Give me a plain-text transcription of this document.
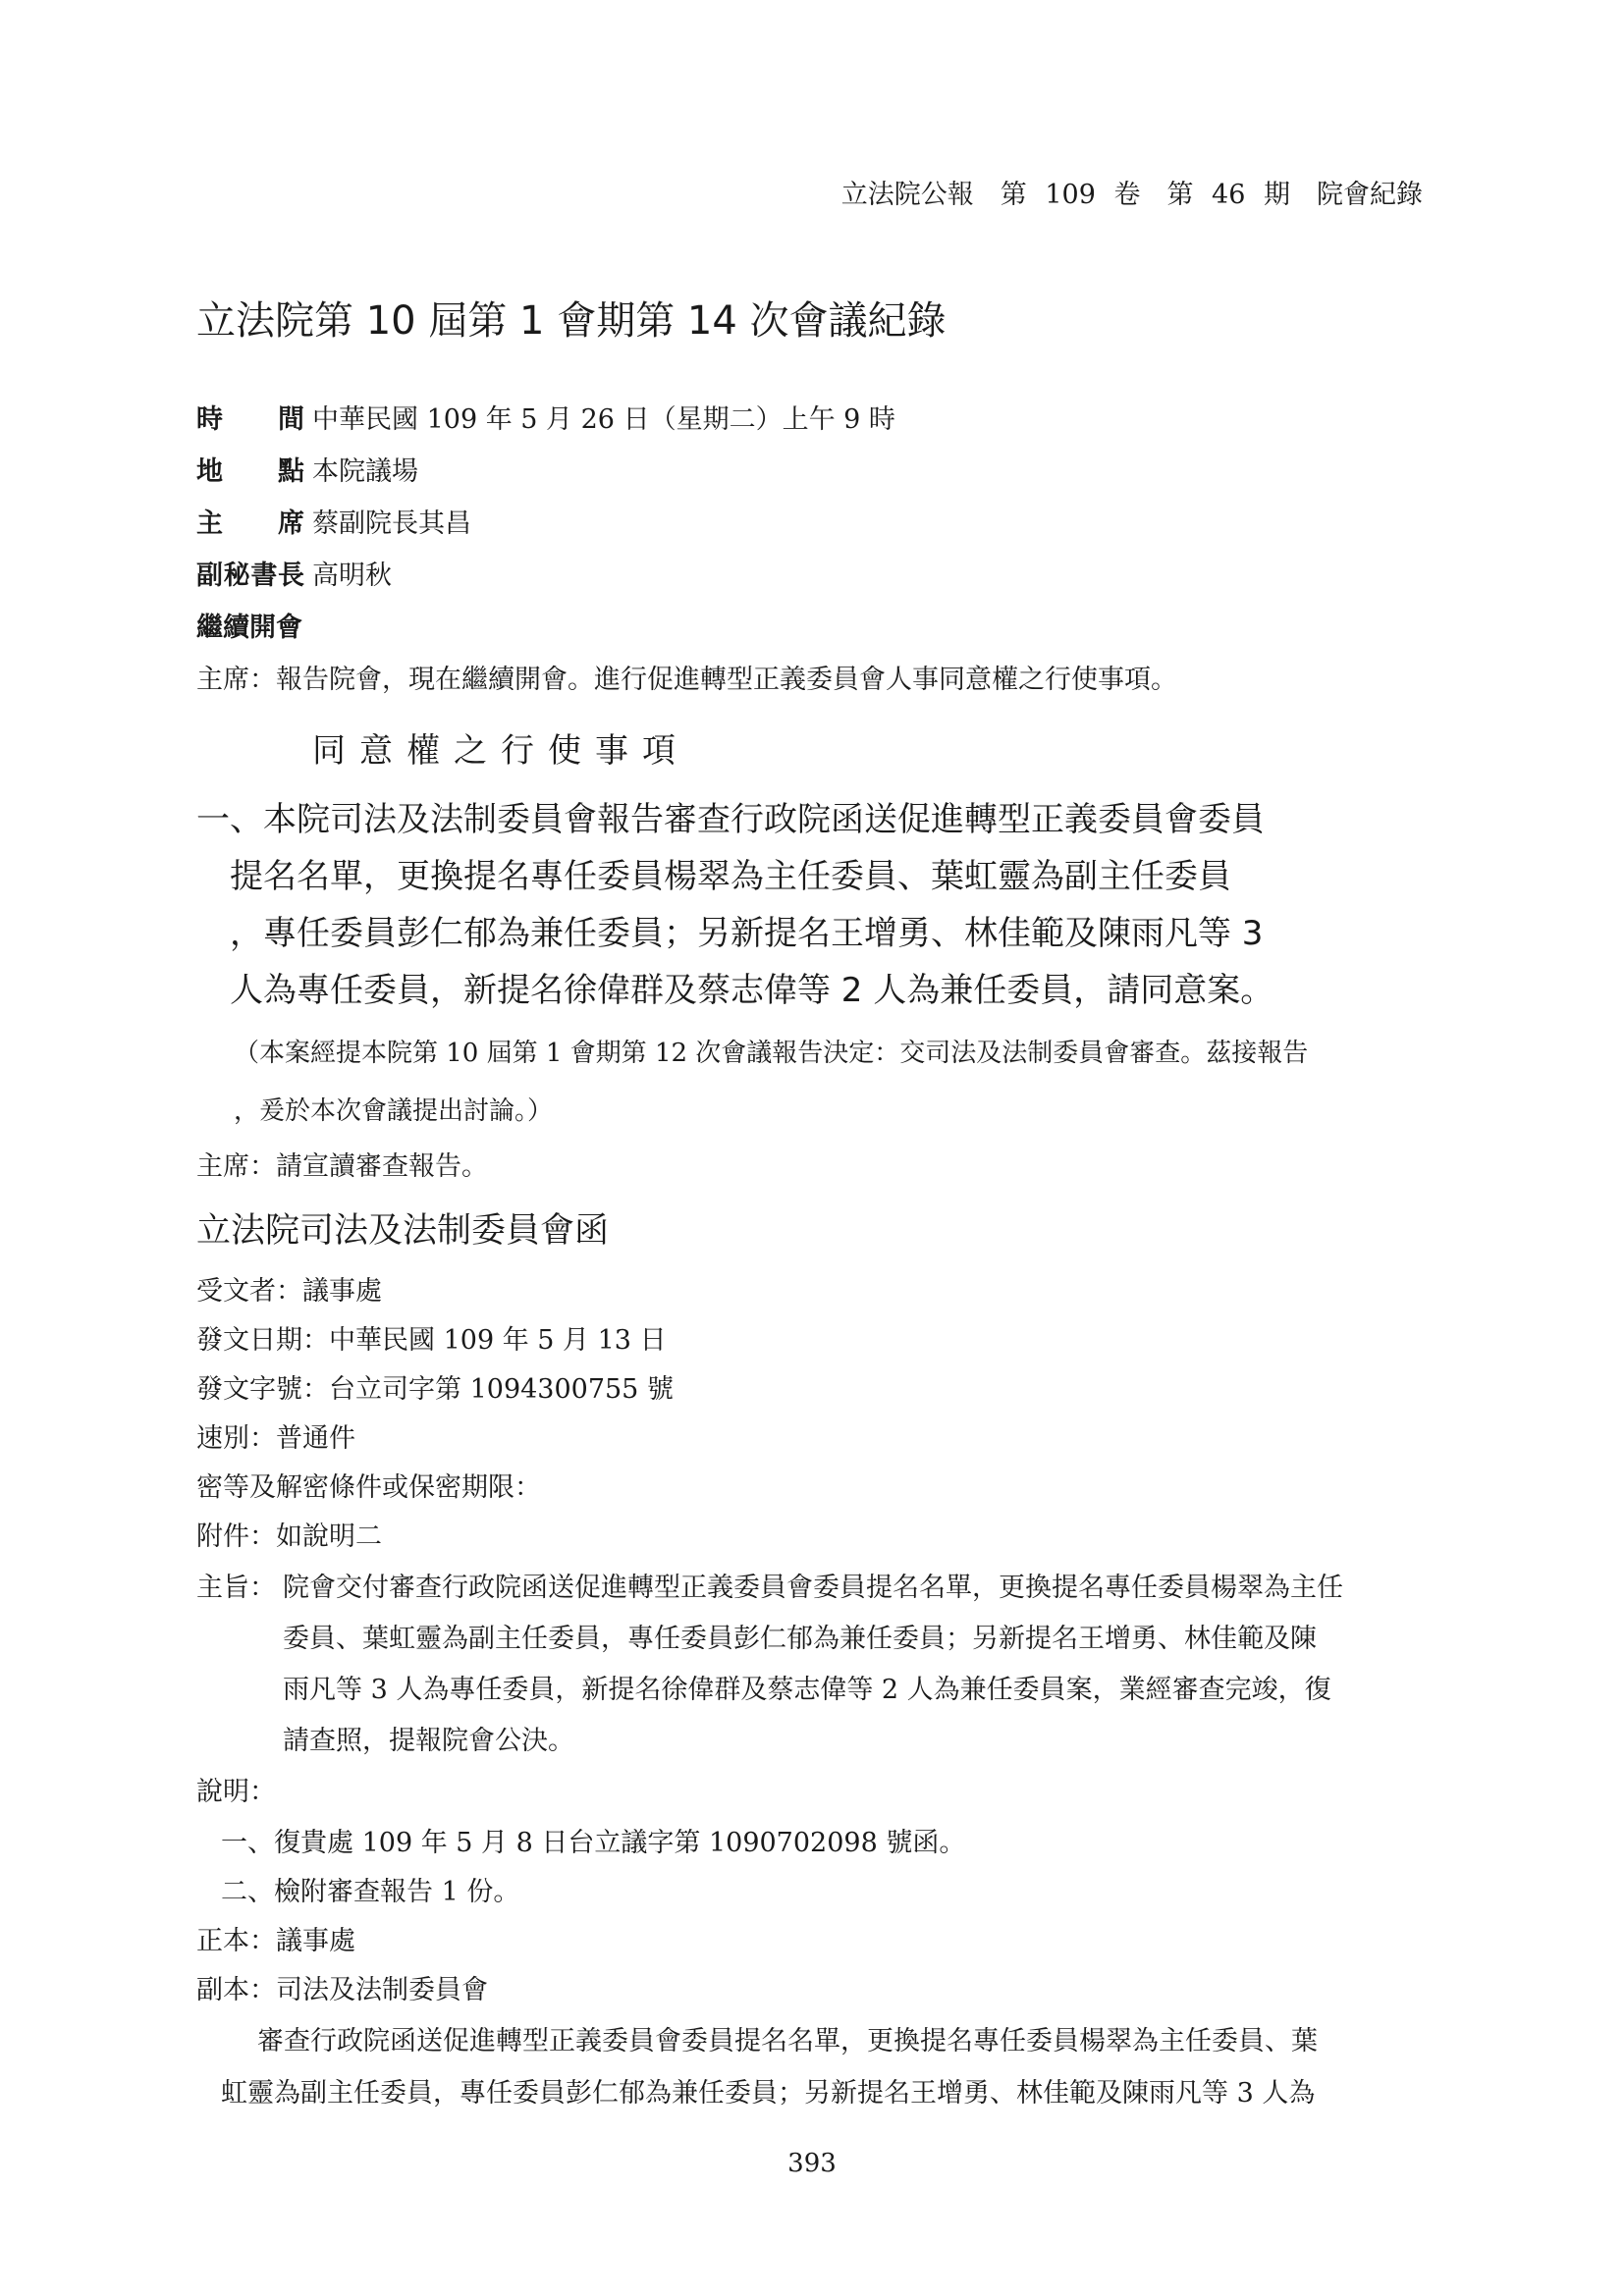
立法院公報　第 109 卷　第 46 期　院會紀錄
立法院第 10 屆第 1 會期第 14 次會議紀錄
時　間 中華民國 109 年 5 月 26 日（星期二）上午 9 時
地　點 本院議場
主　席 蔡副院長其昌
副秘書長 高明秋
繼續開會
主席：報告院會，現在繼續開會。進行促進轉型正義委員會人事同意權之行使事項。
同意權之行使事項
一、本院司法及法制委員會報告審查行政院函送促進轉型正義委員會委員
　提名名單，更換提名專任委員楊翠為主任委員、葉虹靈為副主任委員
　，專任委員彭仁郁為兼任委員；另新提名王增勇、林佳範及陳雨凡等 3
　人為專任委員，新提名徐偉群及蔡志偉等 2 人為兼任委員，請同意案。
（本案經提本院第 10 屆第 1 會期第 12 次會議報告決定：交司法及法制委員會審查。茲接報告
，爰於本次會議提出討論。）
主席：請宣讀審查報告。
立法院司法及法制委員會函
受文者：議事處
發文日期：中華民國 109 年 5 月 13 日
發文字號：台立司字第 1094300755 號
速別：普通件
密等及解密條件或保密期限：
附件：如說明二
主旨： 院會交付審查行政院函送促進轉型正義委員會委員提名名單，更換提名專任委員楊翠為主任
委員、葉虹靈為副主任委員，專任委員彭仁郁為兼任委員；另新提名王增勇、林佳範及陳
雨凡等 3 人為專任委員，新提名徐偉群及蔡志偉等 2 人為兼任委員案，業經審查完竣，復
請查照，提報院會公決。
說明：
一、復貴處 109 年 5 月 8 日台立議字第 1090702098 號函。
二、檢附審查報告 1 份。
正本：議事處
副本：司法及法制委員會
審查行政院函送促進轉型正義委員會委員提名名單，更換提名專任委員楊翠為主任委員、葉
虹靈為副主任委員，專任委員彭仁郁為兼任委員；另新提名王增勇、林佳範及陳雨凡等 3 人為
393
